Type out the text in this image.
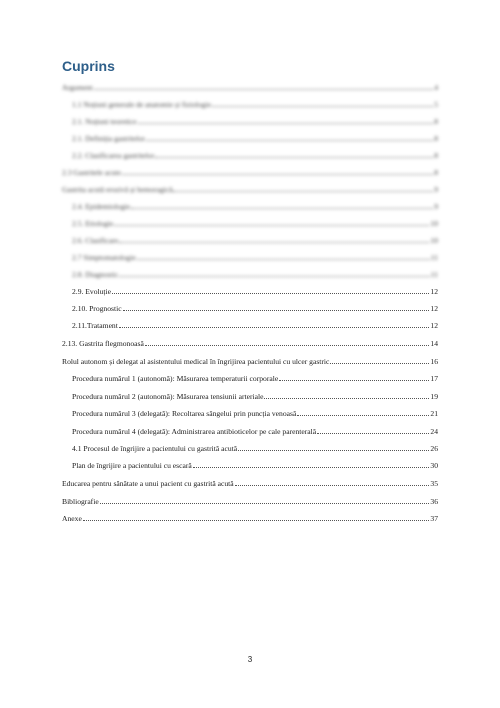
Cuprins
Argument	4
1.1 Noțiuni generale de anatomie și fiziologie	5
2.1. Noțiuni teoretice	8
2.1. Definiția gastritelor	8
2.2. Clasificarea gastritelor	8
2.3 Gastritele acute	8
Gastrita acută erozivă și hemoragică	9
2.4. Epidemiologie	9
2.5. Etiologie	10
2.6. Clasificare	10
2.7 Simptomatologie	11
2.8. Diagnostic	11
2.9. Evoluție	12
2.10. Prognostic	12
2.11.Tratament	12
2.13. Gastrita flegmonoasă	14
Rolul autonom și delegat al asistentului medical în îngrijirea pacientului cu ulcer gastric	16
Procedura numărul 1 (autonomă): Măsurarea temperaturii corporale	17
Procedura numărul 2 (autonomă): Măsurarea tensiunii arteriale	19
Procedura numărul 3 (delegată): Recoltarea sângelui prin puncția venoasă	21
Procedura numărul 4 (delegată): Administrarea antibioticelor pe cale parenterală	24
4.1 Procesul de îngrijire a pacientului cu gastrită acută	26
Plan de îngrijire a pacientului cu escară	30
Educarea pentru sănătate a unui pacient cu gastrită acută	35
Bibliografie	36
Anexe	37
3
